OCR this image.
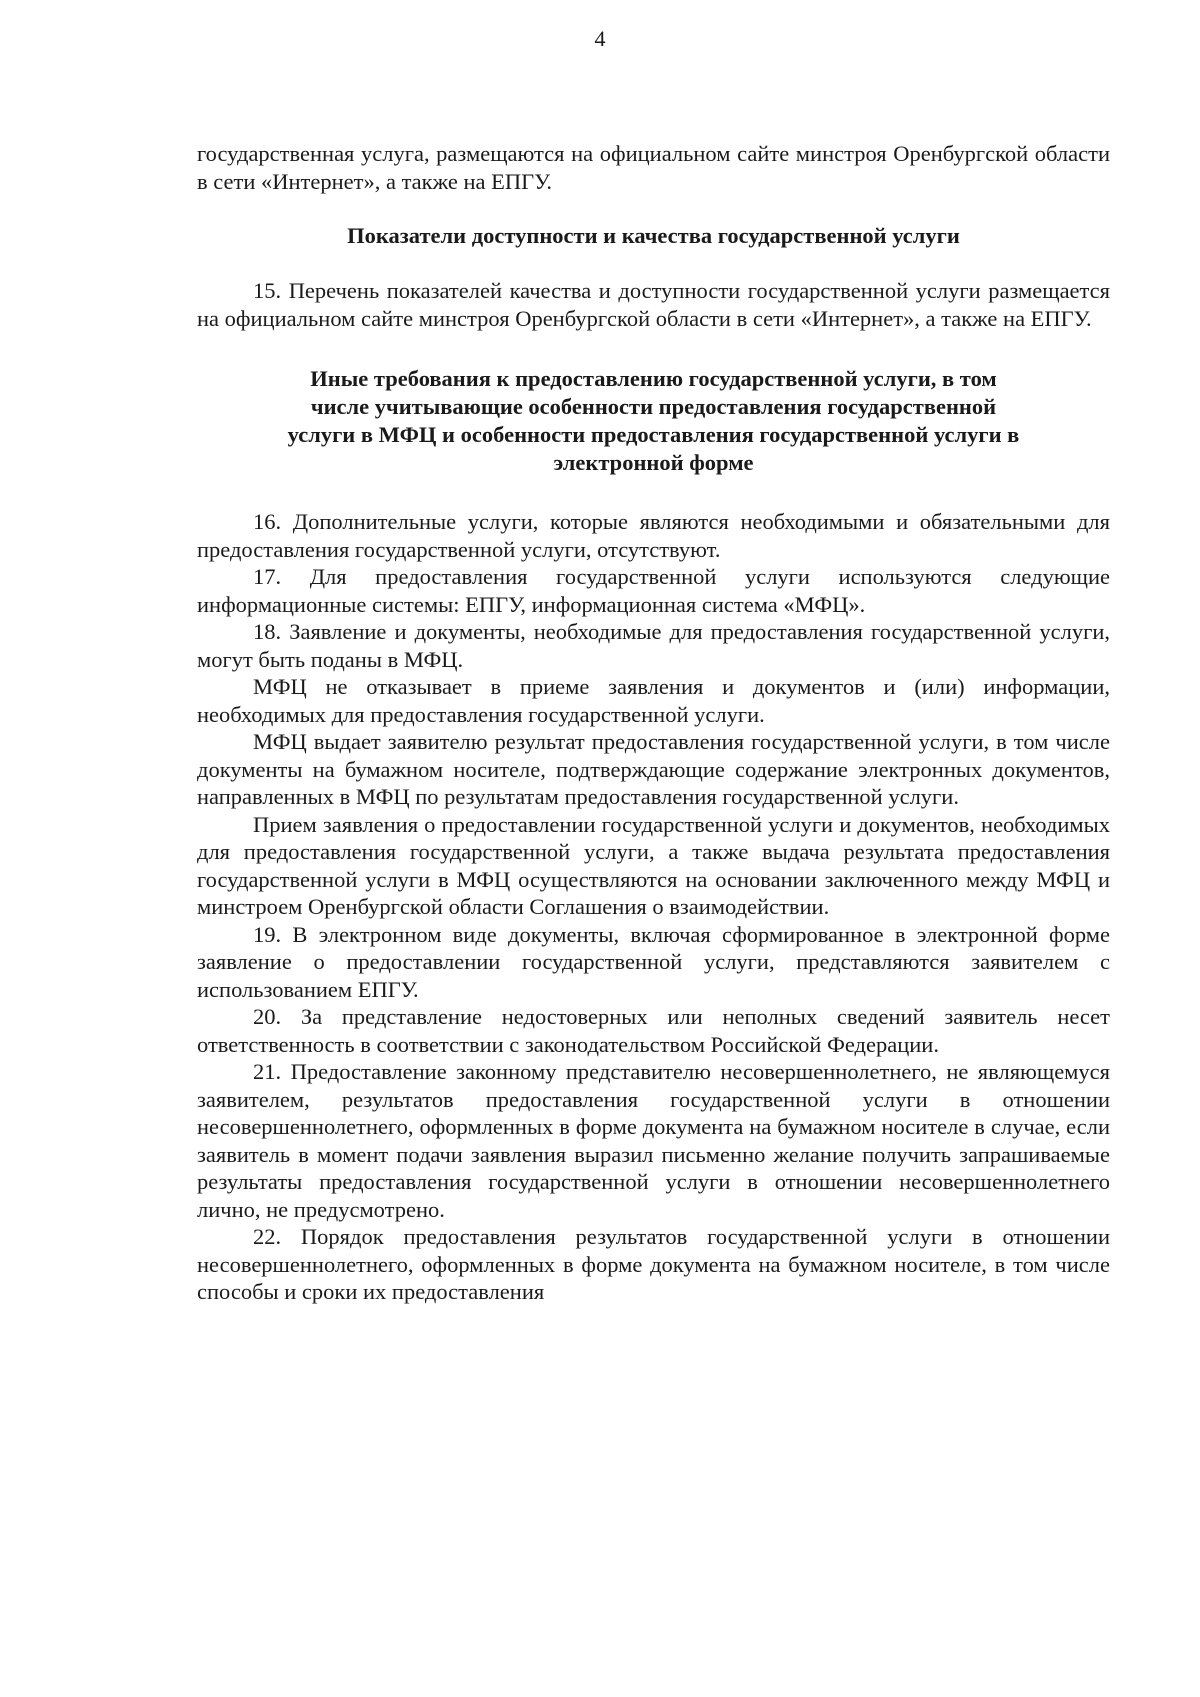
4

государственная услуга, размещаются на официальном сайте минстроя Оренбургской области в сети «Интернет», а также на ЕПГУ.

Показатели доступности и качества государственной услуги

15. Перечень показателей качества и доступности государственной услуги размещается на официальном сайте минстроя Оренбургской области в сети «Интернет», а также на ЕПГУ.

Иные требования к предоставлению государственной услуги, в том
числе учитывающие особенности предоставления государственной
услуги в МФЦ и особенности предоставления государственной услуги в
электронной форме

16. Дополнительные услуги, которые являются необходимыми и обязательными для предоставления государственной услуги, отсутствуют.

17. Для предоставления государственной услуги используются следующие информационные системы: ЕПГУ, информационная система «МФЦ».

18. Заявление и документы, необходимые для предоставления государственной услуги, могут быть поданы в МФЦ.

МФЦ не отказывает в приеме заявления и документов и (или) информации, необходимых для предоставления государственной услуги.

МФЦ выдает заявителю результат предоставления государственной услуги, в том числе документы на бумажном носителе, подтверждающие содержание электронных документов, направленных в МФЦ по результатам предоставления государственной услуги.

Прием заявления о предоставлении государственной услуги и документов, необходимых для предоставления государственной услуги, а также выдача результата предоставления государственной услуги в МФЦ осуществляются на основании заключенного между МФЦ и минстроем Оренбургской области Соглашения о взаимодействии.

19. В электронном виде документы, включая сформированное в электронной форме заявление о предоставлении государственной услуги, представляются заявителем с использованием ЕПГУ.

20. За представление недостоверных или неполных сведений заявитель несет ответственность в соответствии с законодательством Российской Федерации.

21. Предоставление законному представителю несовершеннолетнего, не являющемуся заявителем, результатов предоставления государственной услуги в отношении несовершеннолетнего, оформленных в форме документа на бумажном носителе в случае, если заявитель в момент подачи заявления выразил письменно желание получить запрашиваемые результаты предоставления государственной услуги в отношении несовершеннолетнего лично, не предусмотрено.

22. Порядок предоставления результатов государственной услуги в отношении несовершеннолетнего, оформленных в форме документа на бумажном носителе, в том числе способы и сроки их предоставления
